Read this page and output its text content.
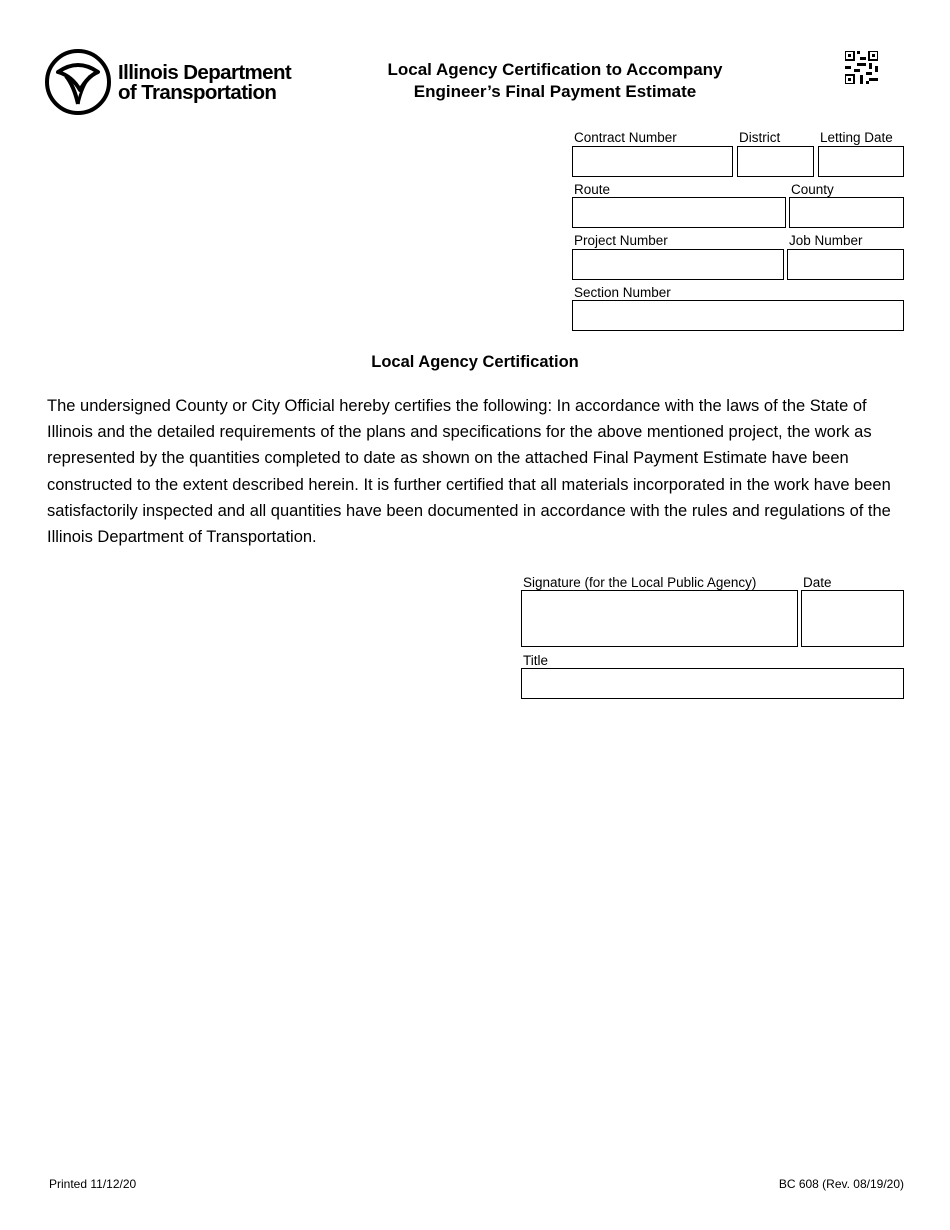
Illinois Department
of Transportation
Local Agency Certification to Accompany
Engineer’s Final Payment Estimate
Contract Number	District	Letting Date
Route	County
Project Number	Job Number
Section Number
Local Agency Certification
The undersigned County or City Official hereby certifies the following: In accordance with the laws of the State of Illinois and the detailed requirements of the plans and specifications for the above mentioned project, the work as represented by the quantities completed to date as shown on the attached Final Payment Estimate have been constructed to the extent described herein. It is further certified that all materials incorporated in the work have been satisfactorily inspected and all quantities have been documented in accordance with the rules and regulations of the Illinois Department of Transportation.
Signature (for the Local Public Agency)	Date
Title
Printed 11/12/20	BC 608 (Rev. 08/19/20)
